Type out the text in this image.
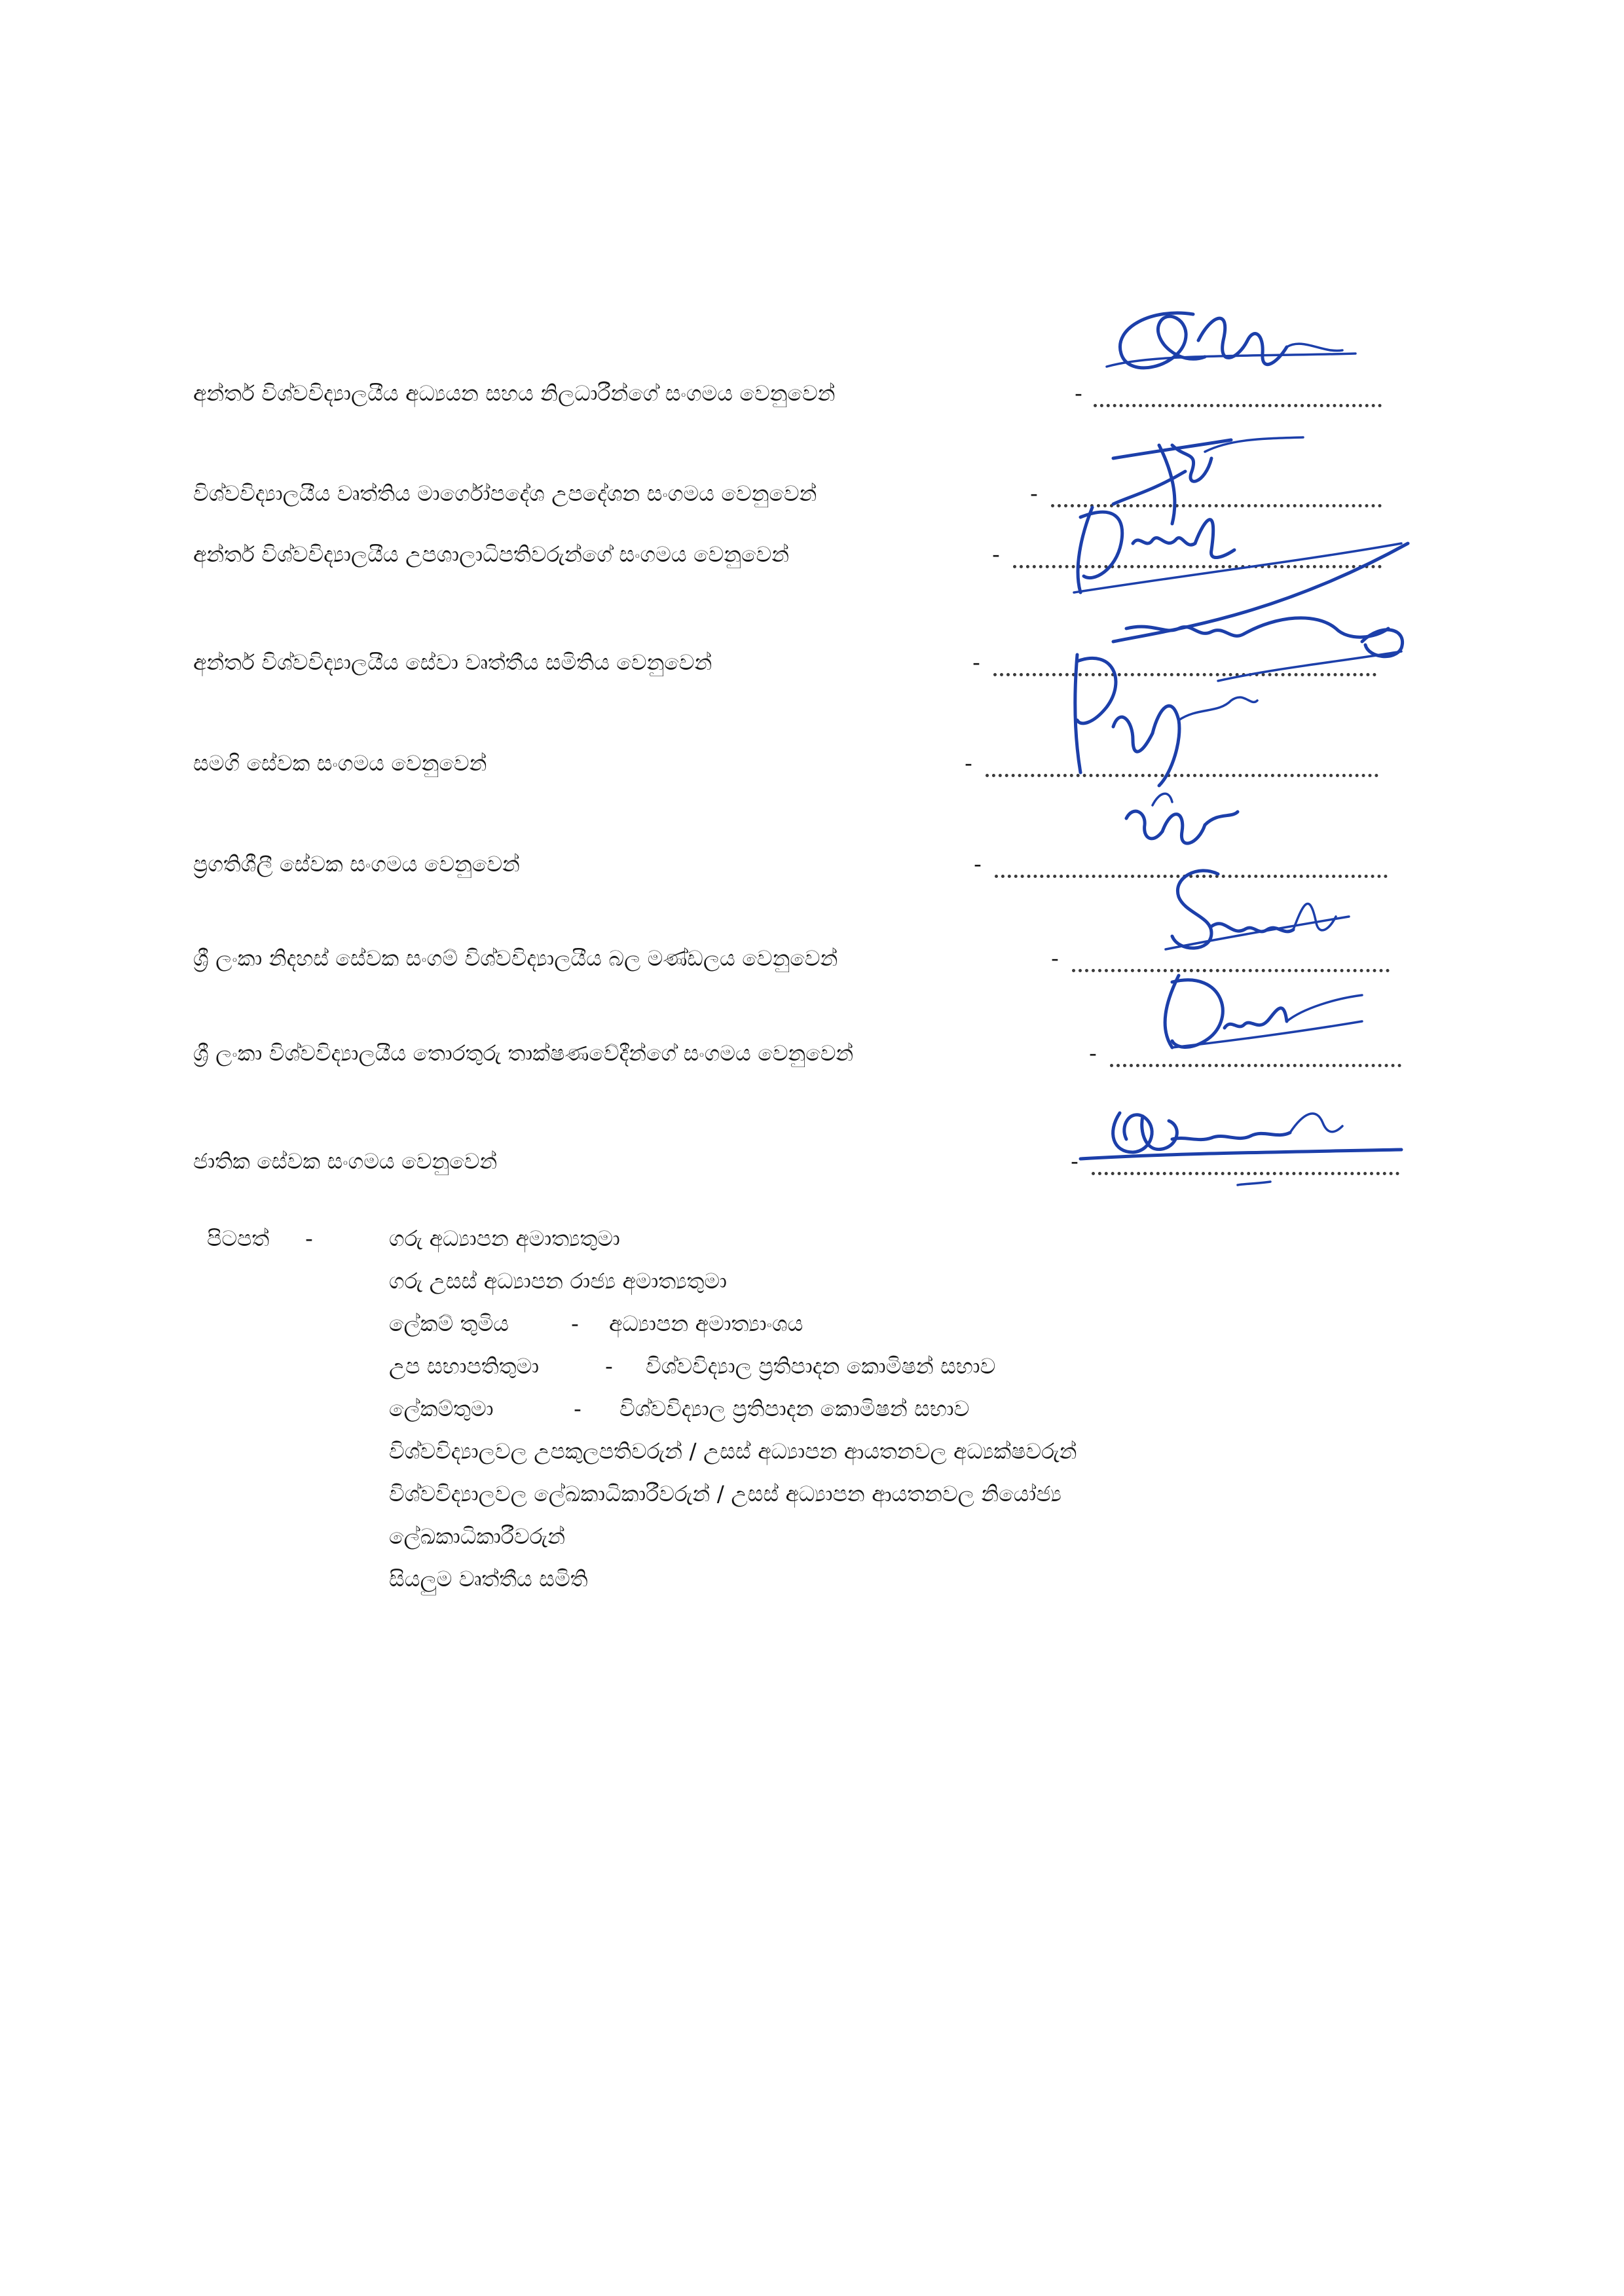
අන්තර් විශ්වවිද්‍යාලයීය අධ්‍යයන සහය නිලධාරීන්ගේ සංගමය වෙනුවෙන්	-
විශ්වවිද්‍යාලයීය වෘත්තිය මාර්ගෝපදේශ උපදේශන සංගමය වෙනුවෙන්	-
අන්තර් විශ්වවිද්‍යාලයීය උපශාලාධිපතිවරුන්ගේ සංගමය වෙනුවෙන්	-
අන්තර් විශ්වවිද්‍යාලයීය සේවා වෘත්තීය සමිතිය වෙනුවෙන්	-
සමගි සේවක සංගමය වෙනුවෙන්	-
ප්‍රගතිශීලී සේවක සංගමය වෙනුවෙන්	-
ශ්‍රී ලංකා නිදහස් සේවක සංගම් විශ්වවිද්‍යාලයීය බල මණ්ඩලය වෙනුවෙන්	-
ශ්‍රී ලංකා විශ්වවිද්‍යාලයීය තොරතුරු තාක්ෂණවේදීන්ගේ සංගමය වෙනුවෙන්	-
ජාතික සේවක සංගමය වෙනුවෙන්	-
පිටපත් -	ගරු අධ්‍යාපන අමාත්‍යතුමා
ගරු උසස් අධ්‍යාපන රාජ්‍ය අමාත්‍යතුමා
ලේකම් තුමිය	- අධ්‍යාපන අමාත්‍යාංශය
උප සභාපතිතුමා	- විශ්වවිද්‍යාල ප්‍රතිපාදන කොමිෂන් සභාව
ලේකම්තුමා	- විශ්වවිද්‍යාල ප්‍රතිපාදන කොමිෂන් සභාව
විශ්වවිද්‍යාලවල උපකුලපතිවරුන් / උසස් අධ්‍යාපන ආයතනවල අධ්‍යක්ෂවරුන්
විශ්වවිද්‍යාලවල ලේඛකාධිකාරීවරුන් / උසස් අධ්‍යාපන ආයතනවල නියෝජ්‍ය
ලේඛකාධිකාරීවරුන්
සියලුම වෘත්තීය සමිති
